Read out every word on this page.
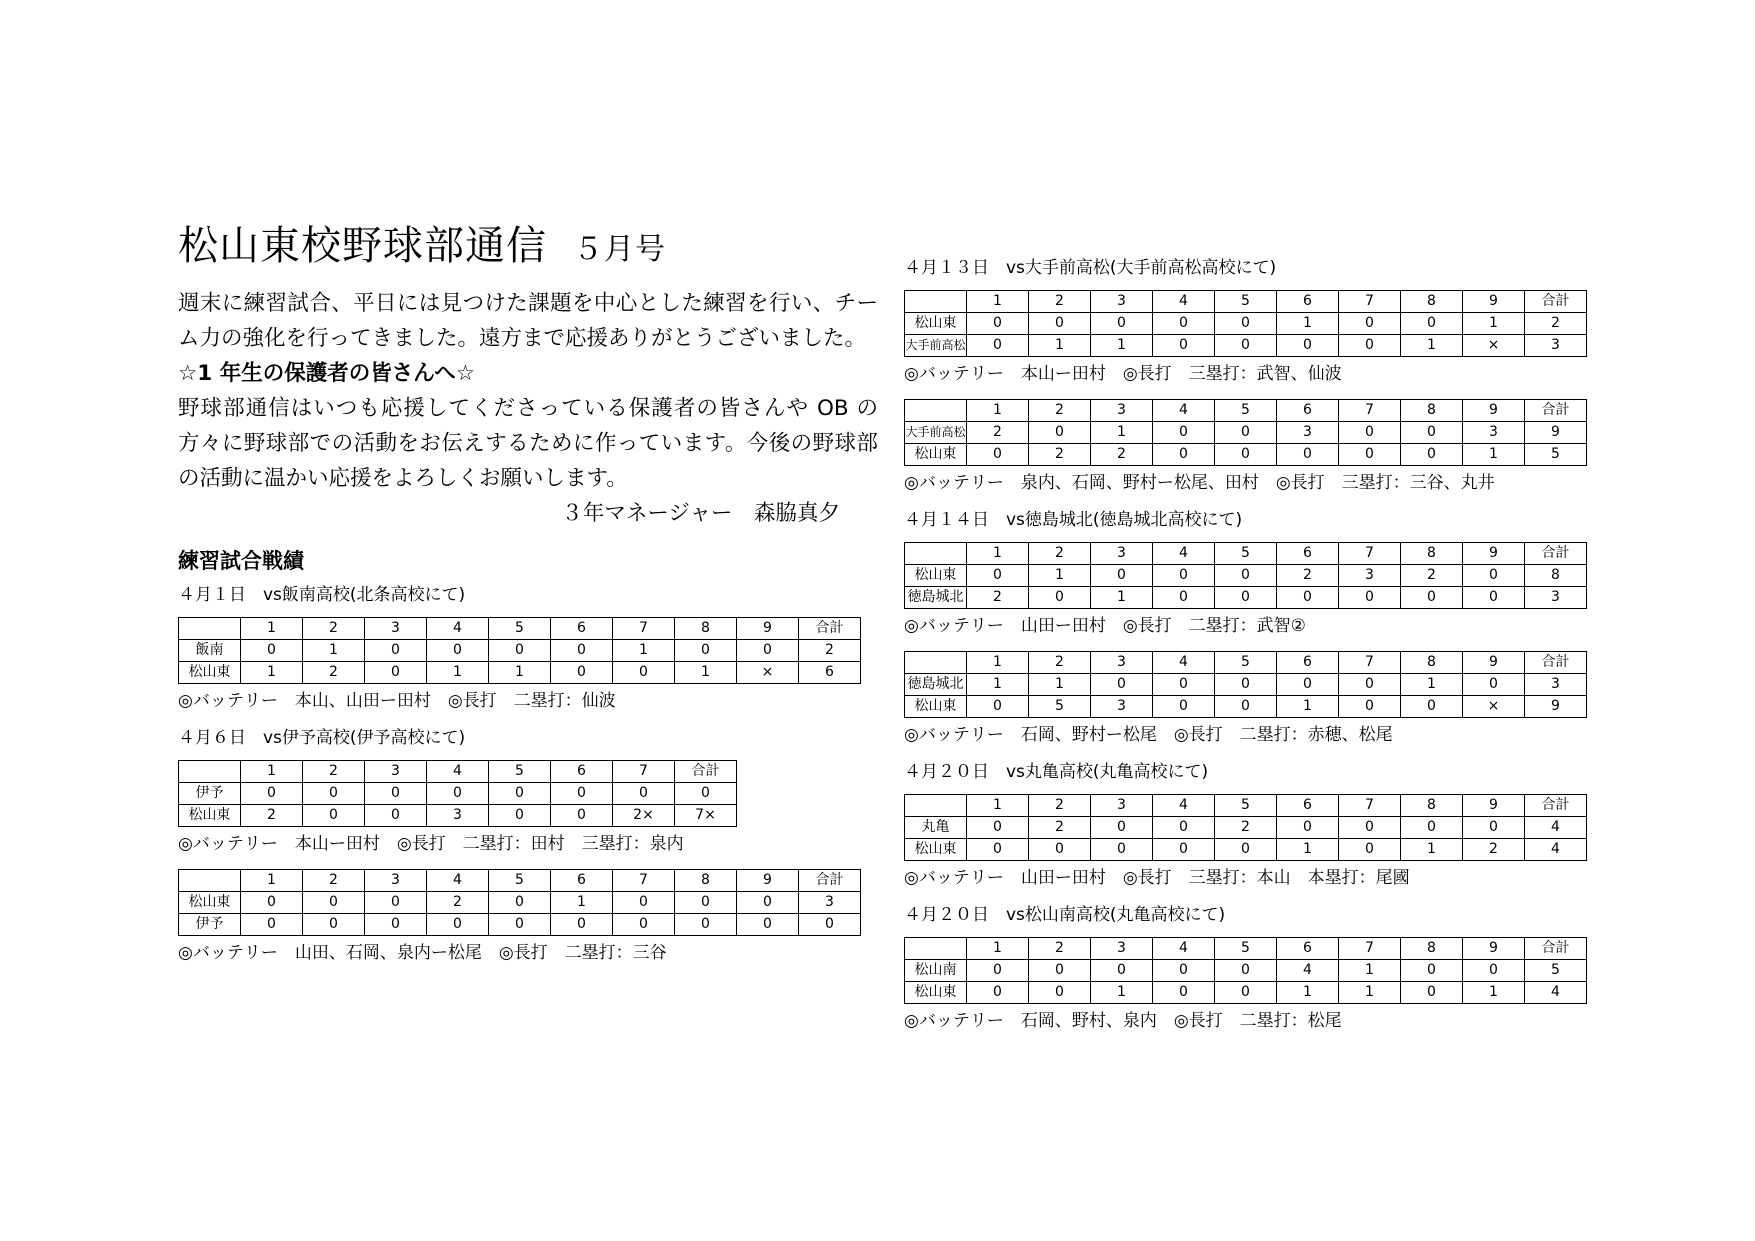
松山東校野球部通信 ５月号

週末に練習試合、平日には見つけた課題を中心とした練習を行い、チーム力の強化を行ってきました。遠方まで応援ありがとうございました。

☆1 年生の保護者の皆さんへ☆

野球部通信はいつも応援してくださっている保護者の皆さんや OB の方々に野球部での活動をお伝えするために作っています。今後の野球部の活動に温かい応援をよろしくお願いします。

３年マネージャー　森脇真夕

練習試合戦績
４月１日　vs飯南高校(北条高校にて)
	1	2	3	4	5	6	7	8	9	合計
飯南	0	1	0	0	0	0	1	0	0	2
松山東	1	2	0	1	1	0	0	1	×	6
◎バッテリー　本山、山田ー田村　◎長打　二塁打：仙波
４月６日　vs伊予高校(伊予高校にて)
	1	2	3	4	5	6	7	合計
伊予	0	0	0	0	0	0	0	0
松山東	2	0	0	3	0	0	2×	7×
◎バッテリー　本山ー田村　◎長打　二塁打：田村　三塁打：泉内
	1	2	3	4	5	6	7	8	9	合計
松山東	0	0	0	2	0	1	0	0	0	3
伊予	0	0	0	0	0	0	0	0	0	0
◎バッテリー　山田、石岡、泉内ー松尾　◎長打　二塁打：三谷
４月１３日　vs大手前高松(大手前高松高校にて)
	1	2	3	4	5	6	7	8	9	合計
松山東	0	0	0	0	0	1	0	0	1	2
大手前高松	0	1	1	0	0	0	0	1	×	3
◎バッテリー　本山ー田村　◎長打　三塁打：武智、仙波
	1	2	3	4	5	6	7	8	9	合計
大手前高松	2	0	1	0	0	3	0	0	3	9
松山東	0	2	2	0	0	0	0	0	1	5
◎バッテリー　泉内、石岡、野村ー松尾、田村　◎長打　三塁打：三谷、丸井
４月１４日　vs徳島城北(徳島城北高校にて)
	1	2	3	4	5	6	7	8	9	合計
松山東	0	1	0	0	0	2	3	2	0	8
徳島城北	2	0	1	0	0	0	0	0	0	3
◎バッテリー　山田ー田村　◎長打　二塁打：武智②
	1	2	3	4	5	6	7	8	9	合計
徳島城北	1	1	0	0	0	0	0	1	0	3
松山東	0	5	3	0	0	1	0	0	×	9
◎バッテリー　石岡、野村ー松尾　◎長打　二塁打：赤穂、松尾
４月２０日　vs丸亀高校(丸亀高校にて)
	1	2	3	4	5	6	7	8	9	合計
丸亀	0	2	0	0	2	0	0	0	0	4
松山東	0	0	0	0	0	1	0	1	2	4
◎バッテリー　山田ー田村　◎長打　三塁打：本山　本塁打：尾國
４月２０日　vs松山南高校(丸亀高校にて)
	1	2	3	4	5	6	7	8	9	合計
松山南	0	0	0	0	0	4	1	0	0	5
松山東	0	0	1	0	0	1	1	0	1	4
◎バッテリー　石岡、野村、泉内　◎長打　二塁打：松尾
